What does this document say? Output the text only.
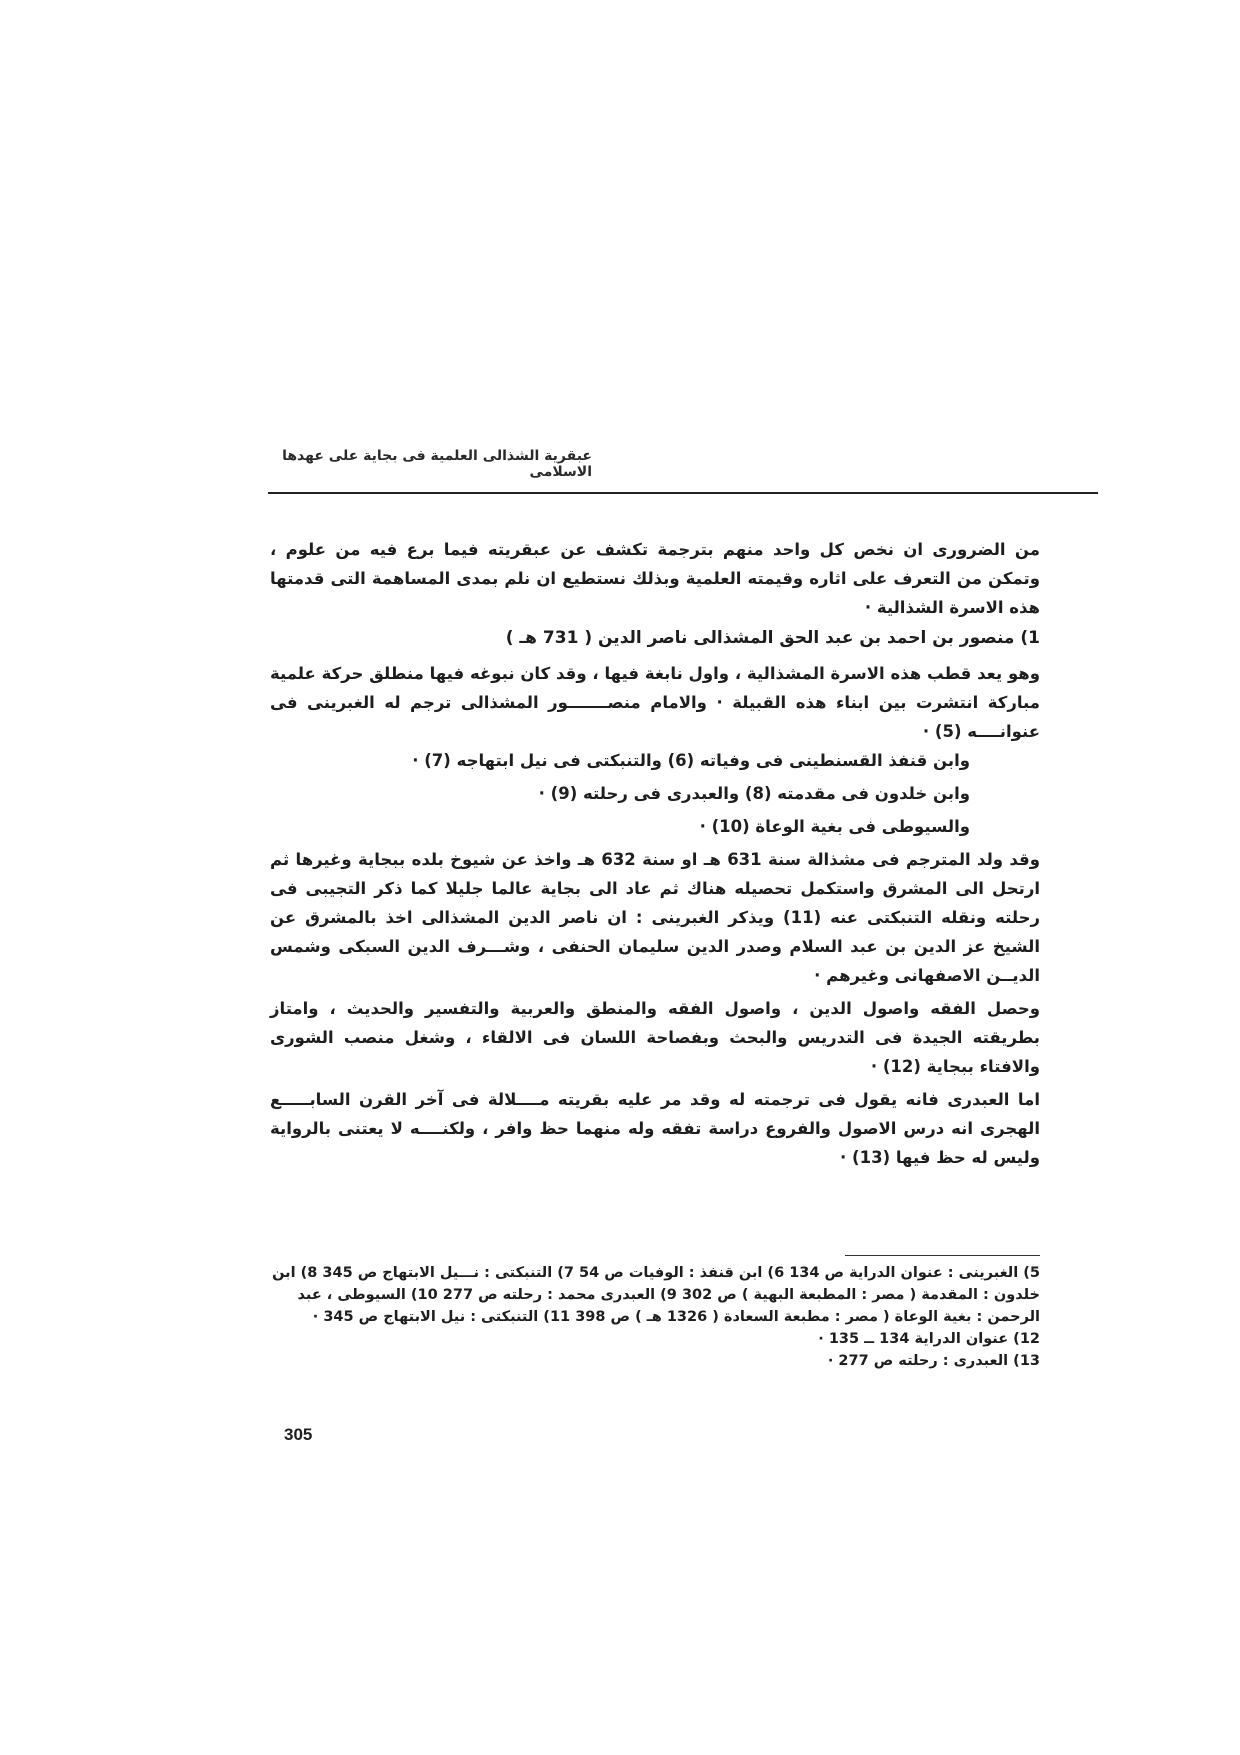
عبقرية الشذالى العلمية فى بجاية على عهدها الاسلامى

من الضرورى ان نخص كل واحد منهم بترجمة تكشف عن عبقريته فيما برع فيه من علوم ، وتمكن من التعرف على اثاره وقيمته العلمية وبذلك نستطيع ان نلم بمدى المساهمة التى قدمتها هذه الاسرة الشذالية ·

1) منصور بن احمد بن عبد الحق المشذالى ناصر الدين ( 731 هـ )

وهو يعد قطب هذه الاسرة المشذالية ، واول نابغة فيها ، وقد كان نبوغه فيها منطلق حركة علمية مباركة انتشرت بين ابناء هذه القبيلة · والامام منصـــــــور المشذالى ترجم له الغبرينى فى عنوانــــه (5) ·

وابن قنفذ القسنطينى فى وفياته (6) والتنبكتى فى نيل ابتهاجه (7) ·

وابن خلدون فى مقدمته (8) والعبدرى فى رحلته (9) ·

والسيوطى فى بغية الوعاة (10) ·

وقد ولد المترجم فى مشذالة سنة 631 هـ او سنة 632 هـ واخذ عن شيوخ بلده ببجاية وغيرها ثم ارتحل الى المشرق واستكمل تحصيله هناك ثم عاد الى بجاية عالما جليلا كما ذكر التجيبى فى رحلته ونقله التنبكتى عنه (11) ويذكر الغبرينى : ان ناصر الدين المشذالى اخذ بالمشرق عن الشيخ عز الدين بن عبد السلام وصدر الدين سليمان الحنفى ، وشـــرف الدين السبكى وشمس الديــن الاصفهانى وغيرهم ·

وحصل الفقه واصول الدين ، واصول الفقه والمنطق والعربية والتفسير والحديث ، وامتاز بطريقته الجيدة فى التدريس والبحث وبفصاحة اللسان فى الالقاء ، وشغل منصب الشورى والافتاء ببجاية (12) ·

اما العبدرى فانه يقول فى ترجمته له وقد مر عليه بقريته مــــلالة فى آخر القرن السابـــــع الهجرى انه درس الاصول والفروع دراسة تفقه وله منهما حظ وافر ، ولكنــــه لا يعتنى بالرواية وليس له حظ فيها (13) ·

5) الغبرينى : عنوان الدراية ص 134 6) ابن قنفذ : الوفيات ص 54 7) التنبكتى : نـــيل الابتهاج ص 345 8) ابن خلدون : المقدمة ( مصر : المطبعة البهية ) ص 302 9) العبدرى محمد : رحلته ص 277 10) السيوطى ، عبد الرحمن : بغية الوعاة ( مصر : مطبعة السعادة ( 1326 هـ ) ص 398 11) التنبكتى : نيل الابتهاج ص 345 ·

12) عنوان الدراية 134 ــ 135 ·

13) العبدرى : رحلته ص 277 ·

305
